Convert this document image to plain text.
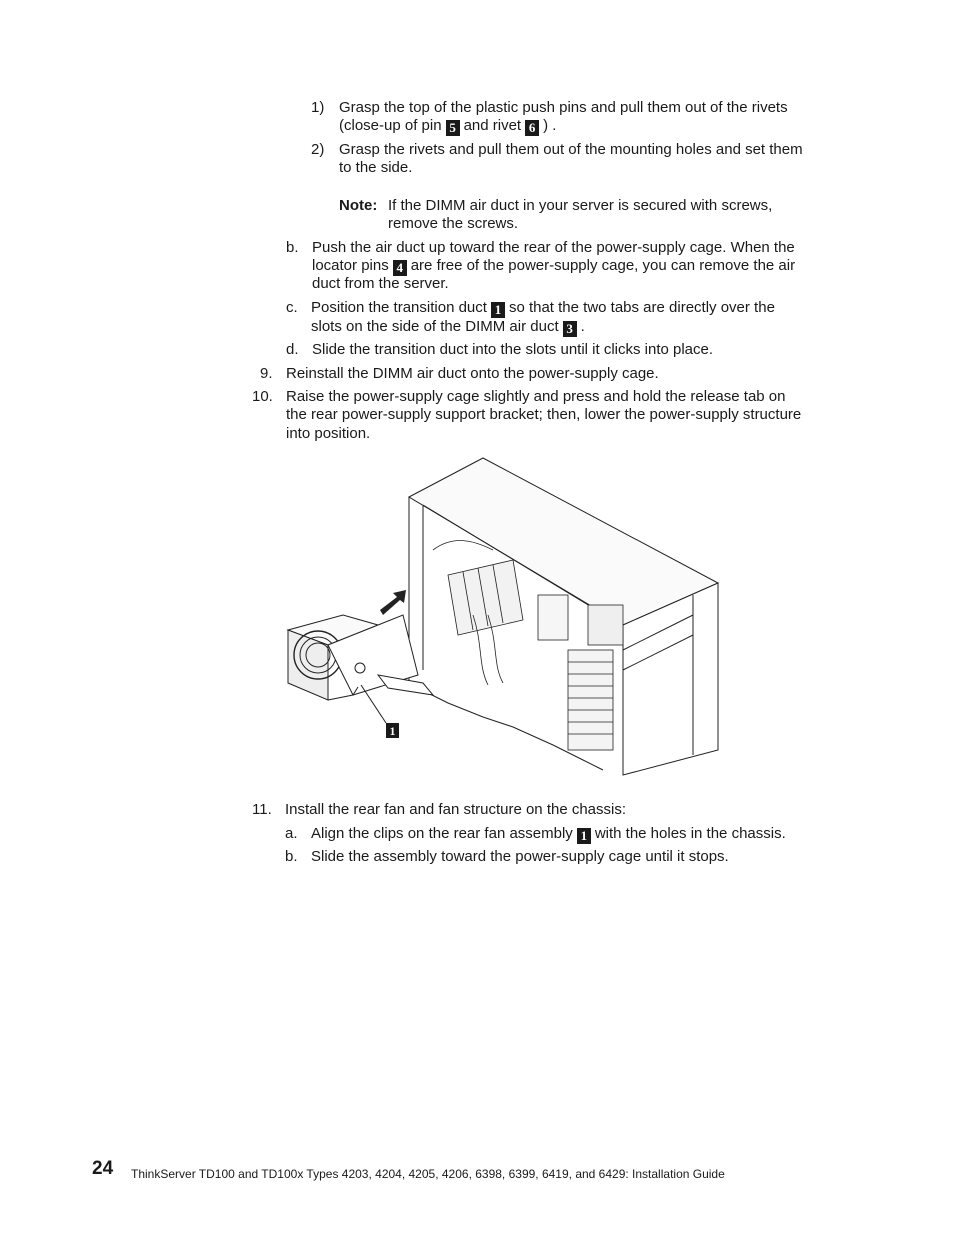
1) Grasp the top of the plastic push pins and pull them out of the rivets
(close-up of pin 5 and rivet 6 ) .
2) Grasp the rivets and pull them out of the mounting holes and set them
to the side.
Note: If the DIMM air duct in your server is secured with screws,
remove the screws.
b. Push the air duct up toward the rear of the power-supply cage. When the
locator pins 4 are free of the power-supply cage, you can remove the air
duct from the server.
c. Position the transition duct 1 so that the two tabs are directly over the
slots on the side of the DIMM air duct 3 .
d. Slide the transition duct into the slots until it clicks into place.
9. Reinstall the DIMM air duct onto the power-supply cage.
10. Raise the power-supply cage slightly and press and hold the release tab on
the rear power-supply support bracket; then, lower the power-supply structure
into position.
1
11. Install the rear fan and fan structure on the chassis:
a. Align the clips on the rear fan assembly 1 with the holes in the chassis.
b. Slide the assembly toward the power-supply cage until it stops.
24 ThinkServer TD100 and TD100x Types 4203, 4204, 4205, 4206, 6398, 6399, 6419, and 6429: Installation Guide
